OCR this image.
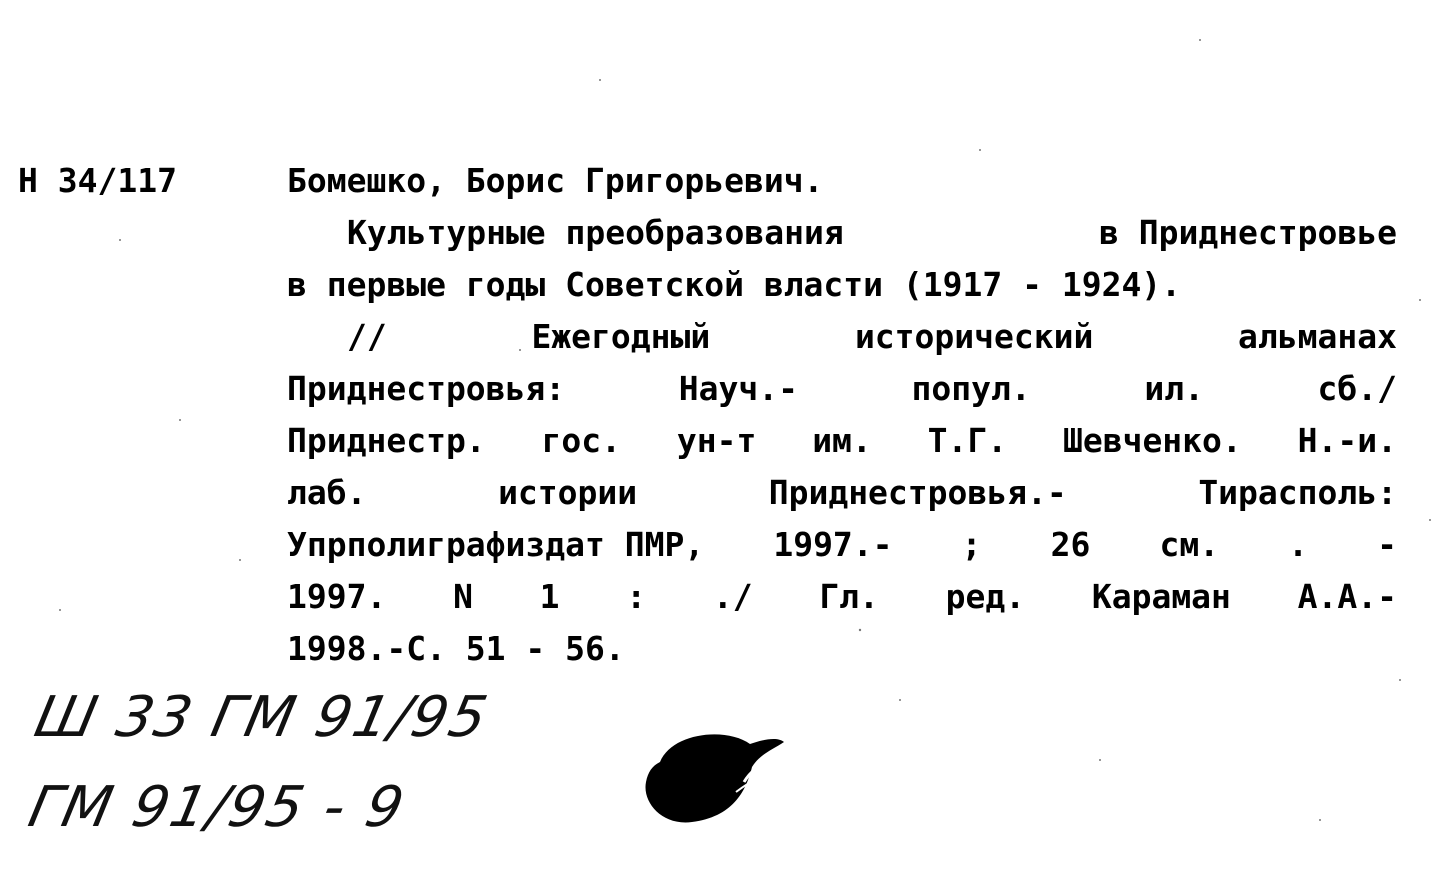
Н 34/117	Бомешко, Борис Григорьевич.
Культурные преобразования	в Приднестровье
в первые годы Советской власти (1917 - 1924).
//	Ежегодный	исторический	альманах
Приднестровья:	Науч.-	попул.	ил.	сб./
Приднестр. гос. ун-т им. Т.Г. Шевченко. Н.-и.
лаб.	истории	Приднестровья.-	Тирасполь:
Упрполиграфиздат ПМР, 1997.- ; 26 см. . -
1997. N 1 : ./ Гл. ред. Караман А.А.-
1998.-С. 51 - 56.
Ш 33 ГМ 91/95
ГМ 91/95 - 9
